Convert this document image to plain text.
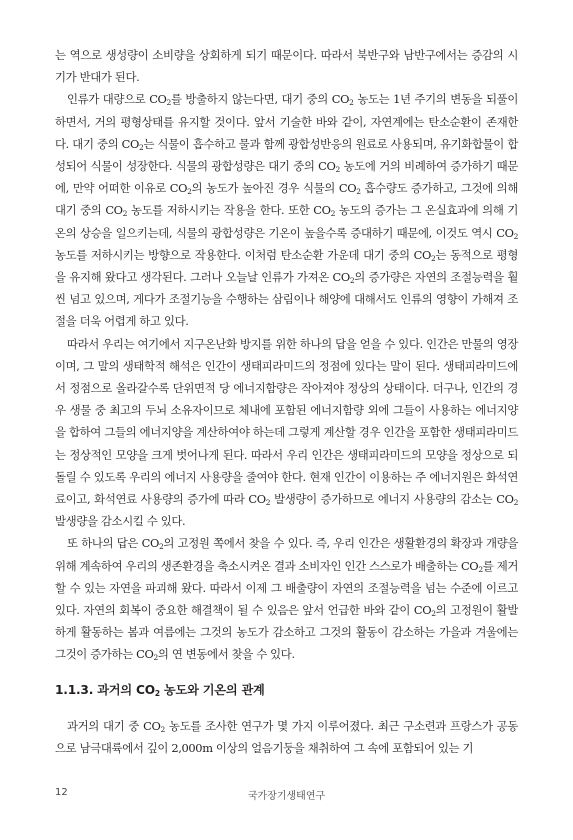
는 역으로 생성량이 소비량을 상회하게 되기 때문이다. 따라서 북반구와 남반구에서는 증감의 시기가 반대가 된다.

인류가 대량으로 $CO_2$를 방출하지 않는다면, 대기 중의 $CO_2$ 농도는 1년 주기의 변동을 되풀이하면서, 거의 평형상태를 유지할 것이다. 앞서 기술한 바와 같이, 자연계에는 탄소순환이 존재한다. 대기 중의 $CO_2$는 식물이 흡수하고 물과 함께 광합성반응의 원료로 사용되며, 유기화합물이 합성되어 식물이 성장한다. 식물의 광합성량은 대기 중의 $CO_2$ 농도에 거의 비례하여 증가하기 때문에, 만약 어떠한 이유로 $CO_2$의 농도가 높아진 경우 식물의 $CO_2$ 흡수량도 증가하고, 그것에 의해 대기 중의 $CO_2$ 농도를 저하시키는 작용을 한다. 또한 $CO_2$ 농도의 증가는 그 온실효과에 의해 기온의 상승을 일으키는데, 식물의 광합성량은 기온이 높을수록 증대하기 때문에, 이것도 역시 $CO_2$ 농도를 저하시키는 방향으로 작용한다. 이처럼 탄소순환 가운데 대기 중의 $CO_2$는 동적으로 평형을 유지해 왔다고 생각된다. 그러나 오늘날 인류가 가져온 $CO_2$의 증가량은 자연의 조절능력을 훨씬 넘고 있으며, 게다가 조절기능을 수행하는 삼림이나 해양에 대해서도 인류의 영향이 가해져 조절을 더욱 어렵게 하고 있다.

따라서 우리는 여기에서 지구온난화 방지를 위한 하나의 답을 얻을 수 있다. 인간은 만물의 영장이며, 그 말의 생태학적 해석은 인간이 생태피라미드의 정점에 있다는 말이 된다. 생태피라미드에서 정점으로 올라갈수록 단위면적 당 에너지함량은 작아져야 정상의 상태이다. 더구나, 인간의 경우 생물 중 최고의 두뇌 소유자이므로 체내에 포함된 에너지함량 외에 그들이 사용하는 에너지양을 합하여 그들의 에너지양을 계산하여야 하는데 그렇게 계산할 경우 인간을 포함한 생태피라미드는 정상적인 모양을 크게 벗어나게 된다. 따라서 우리 인간은 생태피라미드의 모양을 정상으로 되돌릴 수 있도록 우리의 에너지 사용량을 줄여야 한다. 현재 인간이 이용하는 주 에너지원은 화석연료이고, 화석연료 사용량의 증가에 따라 $CO_2$ 발생량이 증가하므로 에너지 사용량의 감소는 $CO_2$ 발생량을 감소시킬 수 있다.

또 하나의 답은 $CO_2$의 고정원 쪽에서 찾을 수 있다. 즉, 우리 인간은 생활환경의 확장과 개량을 위해 계속하여 우리의 생존환경을 축소시켜온 결과 소비자인 인간 스스로가 배출하는 $CO_2$를 제거할 수 있는 자연을 파괴해 왔다. 따라서 이제 그 배출량이 자연의 조절능력을 넘는 수준에 이르고 있다. 자연의 회복이 중요한 해결책이 될 수 있음은 앞서 언급한 바와 같이 $CO_2$의 고정원이 활발하게 활동하는 봄과 여름에는 그것의 농도가 감소하고 그것의 활동이 감소하는 가을과 겨울에는 그것이 증가하는 $CO_2$의 연 변동에서 찾을 수 있다.

1.1.3. 과거의 $CO_2$ 농도와 기온의 관계

과거의 대기 중 $CO_2$ 농도를 조사한 연구가 몇 가지 이루어졌다. 최근 구소련과 프랑스가 공동으로 남극대륙에서 깊이 2,000m 이상의 얼음기둥을 채취하여 그 속에 포함되어 있는 기

12	국가장기생태연구
